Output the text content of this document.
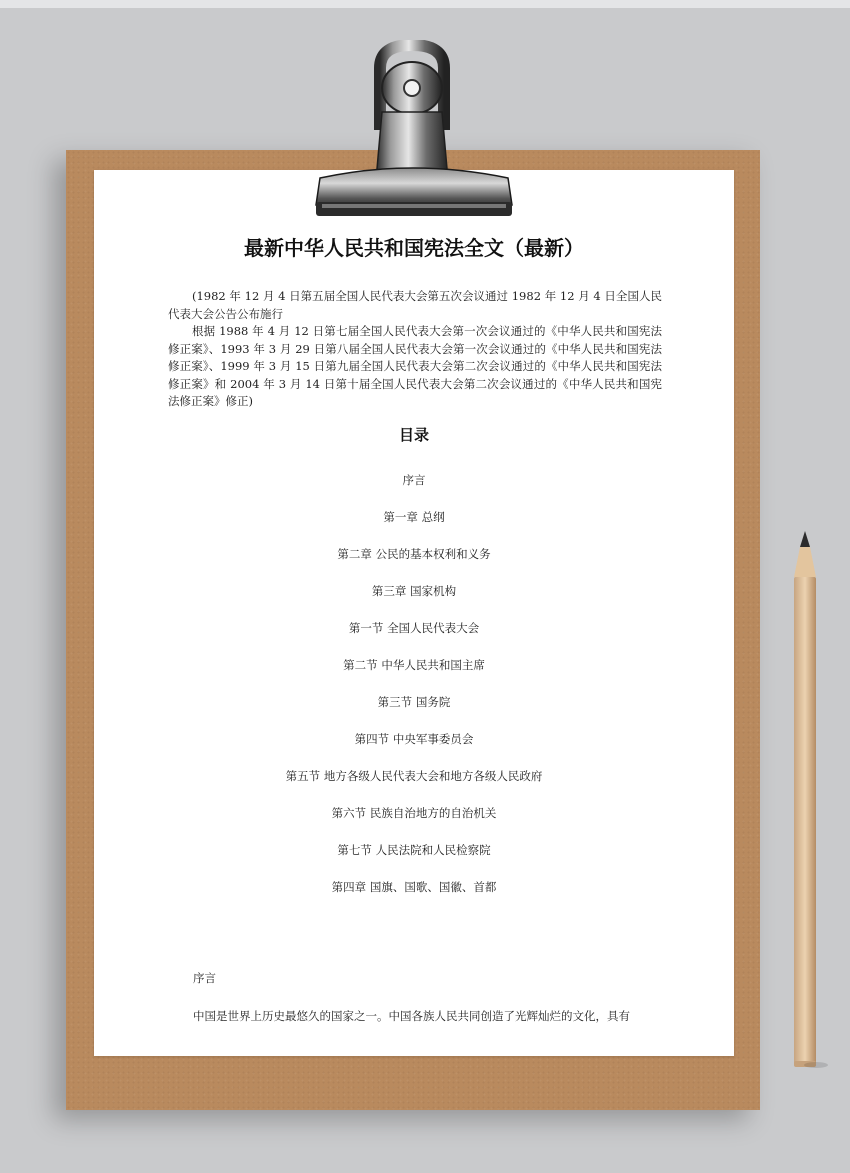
最新中华人民共和国宪法全文（最新）

(1982 年 12 月 4 日第五届全国人民代表大会第五次会议通过 1982 年 12 月 4 日全国人民代表大会公告公布施行

根据 1988 年 4 月 12 日第七届全国人民代表大会第一次会议通过的《中华人民共和国宪法修正案》、1993 年 3 月 29 日第八届全国人民代表大会第一次会议通过的《中华人民共和国宪法修正案》、1999 年 3 月 15 日第九届全国人民代表大会第二次会议通过的《中华人民共和国宪法修正案》和 2004 年 3 月 14 日第十届全国人民代表大会第二次会议通过的《中华人民共和国宪法修正案》修正)

目录
序言
第一章 总纲
第二章 公民的基本权利和义务
第三章 国家机构
第一节 全国人民代表大会
第二节 中华人民共和国主席
第三节 国务院
第四节 中央军事委员会
第五节 地方各级人民代表大会和地方各级人民政府
第六节 民族自治地方的自治机关
第七节 人民法院和人民检察院
第四章 国旗、国歌、国徽、首都
序言
中国是世界上历史最悠久的国家之一。中国各族人民共同创造了光辉灿烂的文化，具有
